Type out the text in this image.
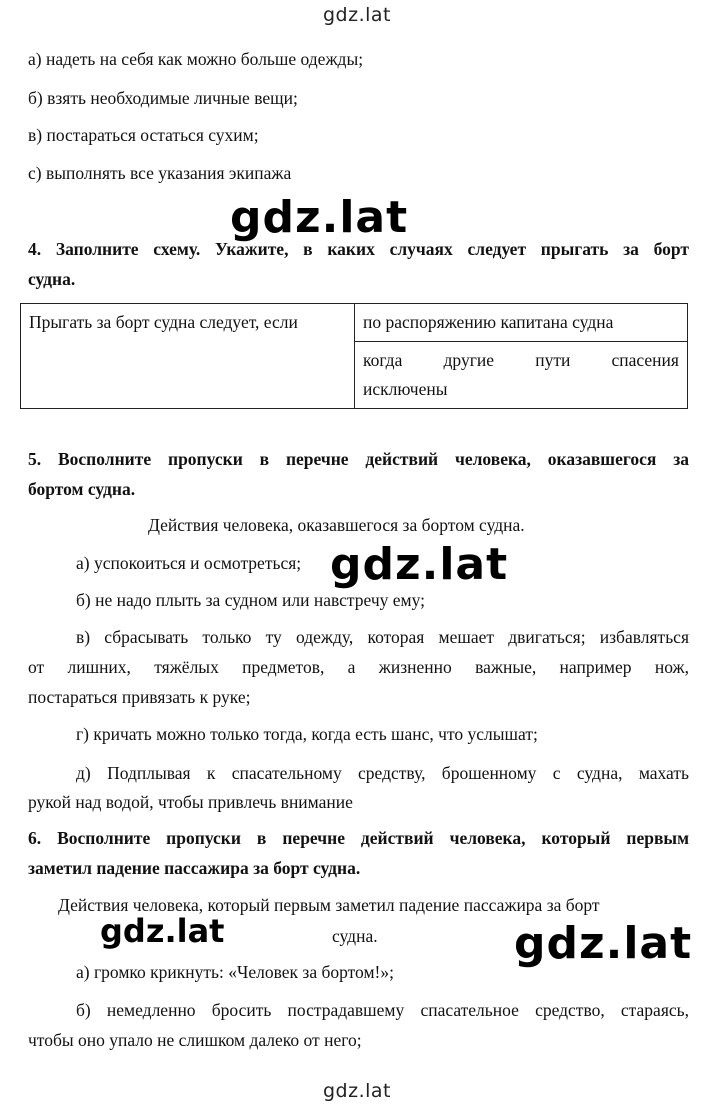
gdz.lat
а) надеть на себя как можно больше одежды;
б) взять необходимые личные вещи;
в) постараться остаться сухим;
с) выполнять все указания экипажа
gdz.lat
4. Заполните схему. Укажите, в каких случаях следует прыгать за борт
судна.
Прыгать за борт судна следует, если	по распоряжению капитана судна

когда другие пути спасения
исключены
5. Восполните пропуски в перечне действий человека, оказавшегося за
бортом судна.
Действия человека, оказавшегося за бортом судна.
а) успокоиться и осмотреться; gdz.lat
б) не надо плыть за судном или навстречу ему;
в) сбрасывать только ту одежду, которая мешает двигаться; избавляться
от лишних, тяжёлых предметов, а жизненно важные, например нож,
постараться привязать к руке;
г) кричать можно только тогда, когда есть шанс, что услышат;
д) Подплывая к спасательному средству, брошенному с судна, махать
рукой над водой, чтобы привлечь внимание
6. Восполните пропуски в перечне действий человека, который первым
заметил падение пассажира за борт судна.
Действия человека, который первым заметил падение пассажира за борт
судна.
gdz.lat	gdz.lat
а) громко крикнуть: «Человек за бортом!»;
б) немедленно бросить пострадавшему спасательное средство, стараясь,
чтобы оно упало не слишком далеко от него;
gdz.lat
